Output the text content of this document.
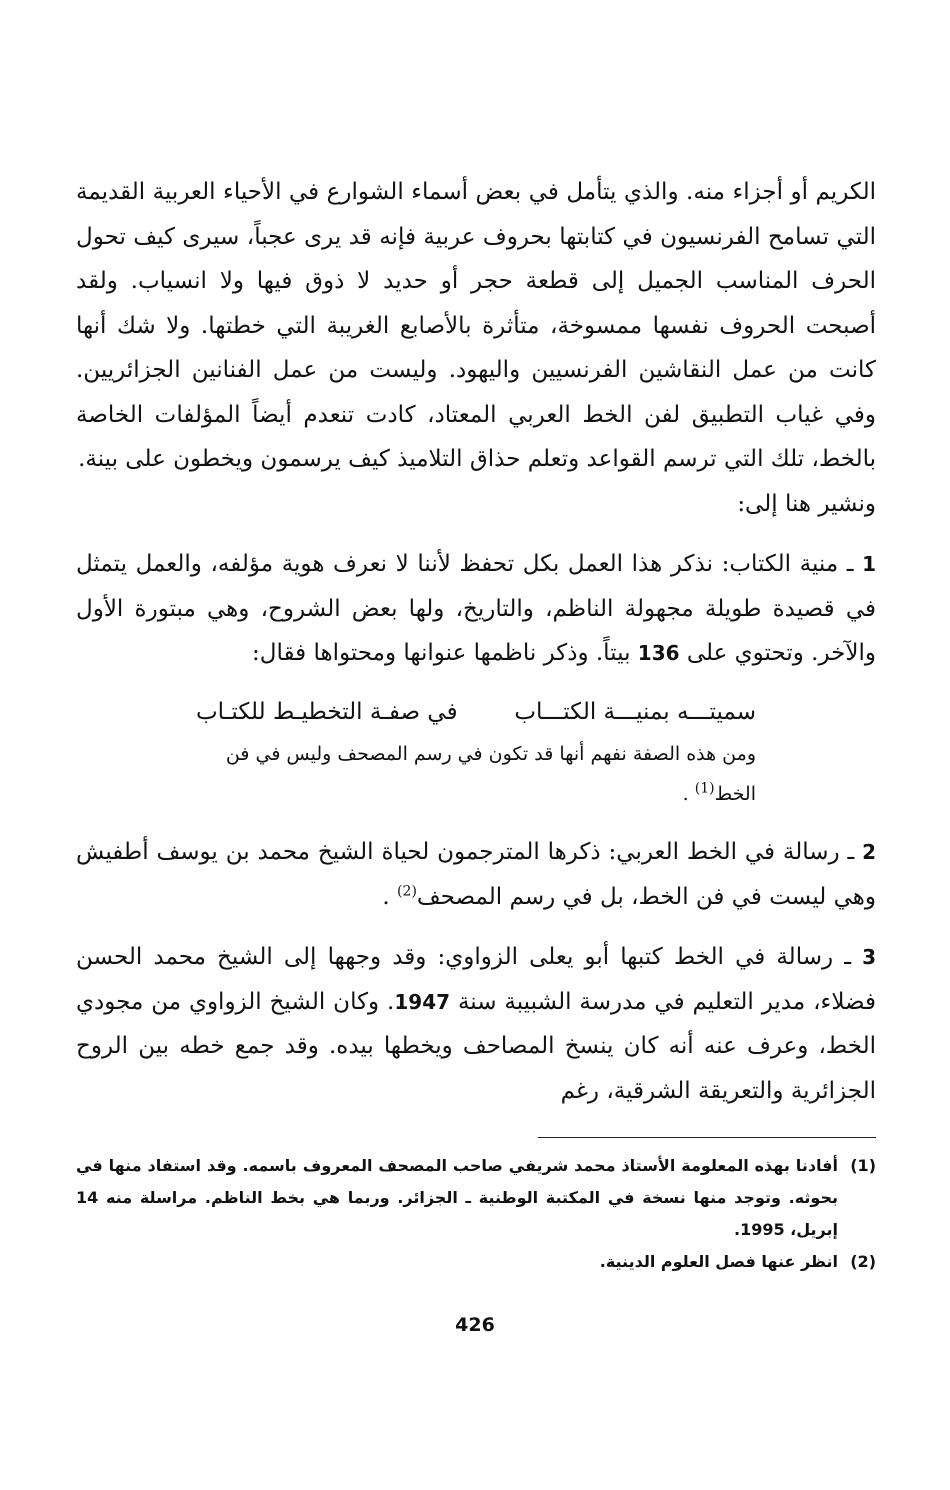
الكريم أو أجزاء منه. والذي يتأمل في بعض أسماء الشوارع في الأحياء العربية القديمة التي تسامح الفرنسيون في كتابتها بحروف عربية فإنه قد يرى عجباً، سيرى كيف تحول الحرف المناسب الجميل إلى قطعة حجر أو حديد لا ذوق فيها ولا انسياب. ولقد أصبحت الحروف نفسها ممسوخة، متأثرة بالأصابع الغريبة التي خطتها. ولا شك أنها كانت من عمل النقاشين الفرنسيين واليهود. وليست من عمل الفنانين الجزائريين. وفي غياب التطبيق لفن الخط العربي المعتاد، كادت تنعدم أيضاً المؤلفات الخاصة بالخط، تلك التي ترسم القواعد وتعلم حذاق التلاميذ كيف يرسمون ويخطون على بينة.
ونشير هنا إلى:

1 ـ منية الكتاب: نذكر هذا العمل بكل تحفظ لأننا لا نعرف هوية مؤلفه، والعمل يتمثل في قصيدة طويلة مجهولة الناظم، والتاريخ، ولها بعض الشروح، وهي مبتورة الأول والآخر. وتحتوي على 136 بيتاً. وذكر ناظمها عنوانها ومحتواها فقال:

سميتـــه بمنيـــة الكتـــاب
في صفـة التخطيـط للكتـاب

ومن هذه الصفة نفهم أنها قد تكون في رسم المصحف وليس في فن الخط$^{(1)}$ .

2 ـ رسالة في الخط العربي: ذكرها المترجمون لحياة الشيخ محمد بن يوسف أطفيش وهي ليست في فن الخط، بل في رسم المصحف$^{(2)}$ .

3 ـ رسالة في الخط كتبها أبو يعلى الزواوي: وقد وجهها إلى الشيخ محمد الحسن فضلاء، مدير التعليم في مدرسة الشبيبة سنة 1947. وكان الشيخ الزواوي من مجودي الخط، وعرف عنه أنه كان ينسخ المصاحف ويخطها بيده. وقد جمع خطه بين الروح الجزائرية والتعريقة الشرقية، رغم

(1)
أفادنا بهذه المعلومة الأستاذ محمد شريفي صاحب المصحف المعروف باسمه. وقد استفاد منها في بحوثه. وتوجد منها نسخة في المكتبة الوطنية ـ الجزائر. وربما هي بخط الناظم. مراسلة منه 14 إبريل، 1995.

(2)
انظر عنها فصل العلوم الدينية.

426
